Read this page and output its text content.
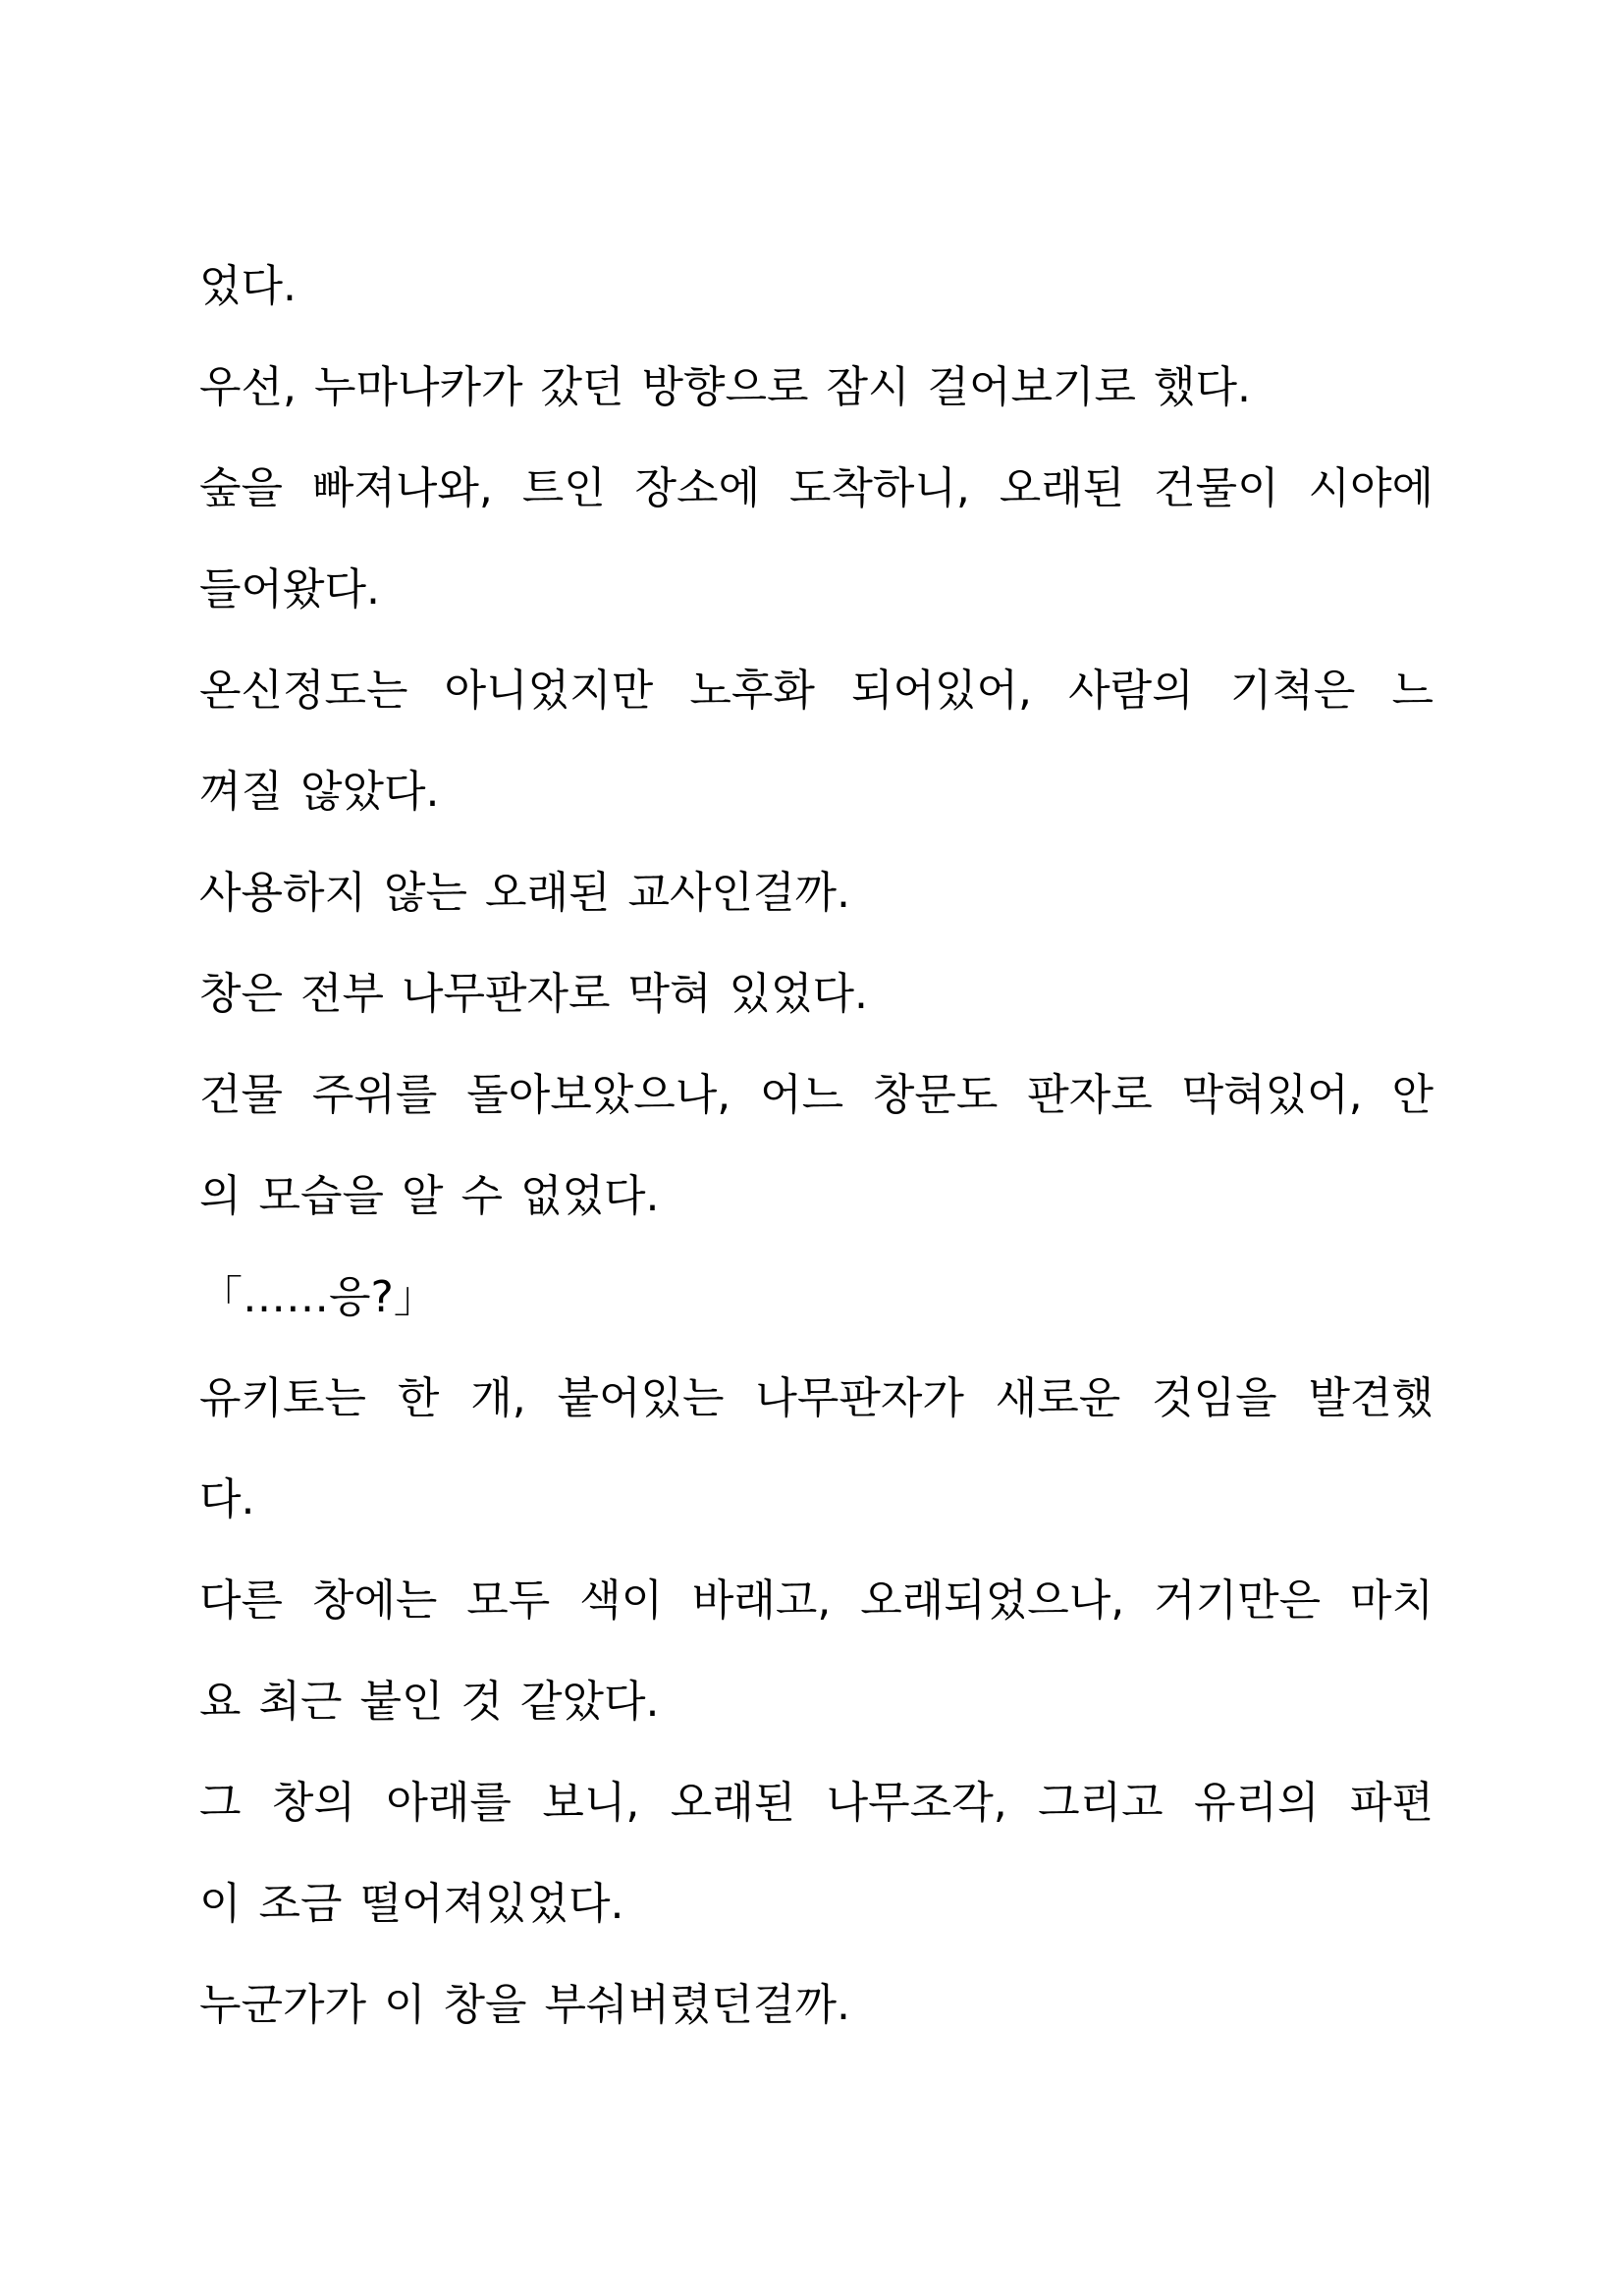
었다.
우선, 누마나카가 갔던 방향으로 잠시 걸어보기로 했다.
숲을 빠져나와, 트인 장소에 도착하니, 오래된 건물이 시야에
들어왔다.
온신정도는 아니었지만 노후화 되어있어, 사람의 기척은 느
껴질 않았다.
사용하지 않는 오래된 교사인걸까.
창은 전부 나무판자로 막혀 있었다.
건물 주위를 돌아보았으나, 어느 창문도 판자로 막혀있어, 안
의 모습을 알 수 없었다.
「……응?」
유키토는 한 개, 붙어있는 나무판자가 새로운 것임을 발견했
다.
다른 창에는 모두 색이 바래고, 오래되었으나, 거기만은 마치
요 최근 붙인 것 같았다.
그 창의 아래를 보니, 오래된 나무조각, 그리고 유리의 파편
이 조금 떨어져있었다.
누군가가 이 창을 부숴버렸던걸까.
